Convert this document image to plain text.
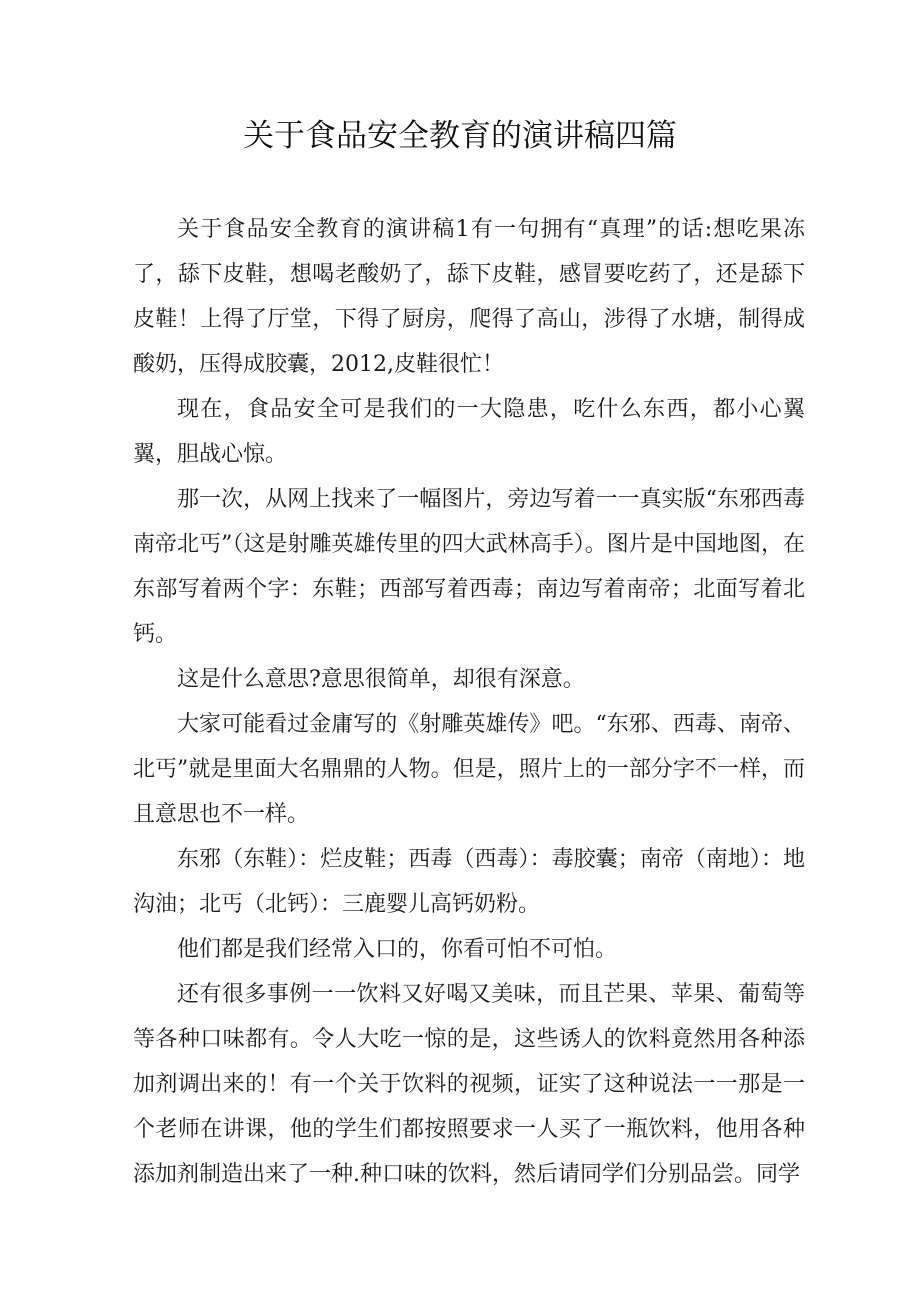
关于食品安全教育的演讲稿四篇

关于食品安全教育的演讲稿1有一句拥有“真理”的话:想吃果冻了，舔下皮鞋，想喝老酸奶了，舔下皮鞋，感冒要吃药了，还是舔下皮鞋！上得了厅堂，下得了厨房，爬得了高山，涉得了水塘，制得成酸奶，压得成胶囊，2012,皮鞋很忙！

现在，食品安全可是我们的一大隐患，吃什么东西，都小心翼翼，胆战心惊。

那一次，从网上找来了一幅图片，旁边写着一一真实版“东邪西毒南帝北丐”（这是射雕英雄传里的四大武林高手）。图片是中国地图，在东部写着两个字：东鞋；西部写着西毒；南边写着南帝；北面写着北钙。

这是什么意思?意思很简单，却很有深意。

大家可能看过金庸写的《射雕英雄传》吧。“东邪、西毒、南帝、北丐”就是里面大名鼎鼎的人物。但是，照片上的一部分字不一样，而且意思也不一样。

东邪（东鞋）：烂皮鞋；西毒（西毒）：毒胶囊；南帝（南地）：地沟油；北丐（北钙）：三鹿婴儿高钙奶粉。

他们都是我们经常入口的，你看可怕不可怕。

还有很多事例一一饮料又好喝又美味，而且芒果、苹果、葡萄等等各种口味都有。令人大吃一惊的是，这些诱人的饮料竟然用各种添加剂调出来的！有一个关于饮料的视频，证实了这种说法一一那是一个老师在讲课，他的学生们都按照要求一人买了一瓶饮料，他用各种添加剂制造出来了一种.种口味的饮料，然后请同学们分别品尝。同学
